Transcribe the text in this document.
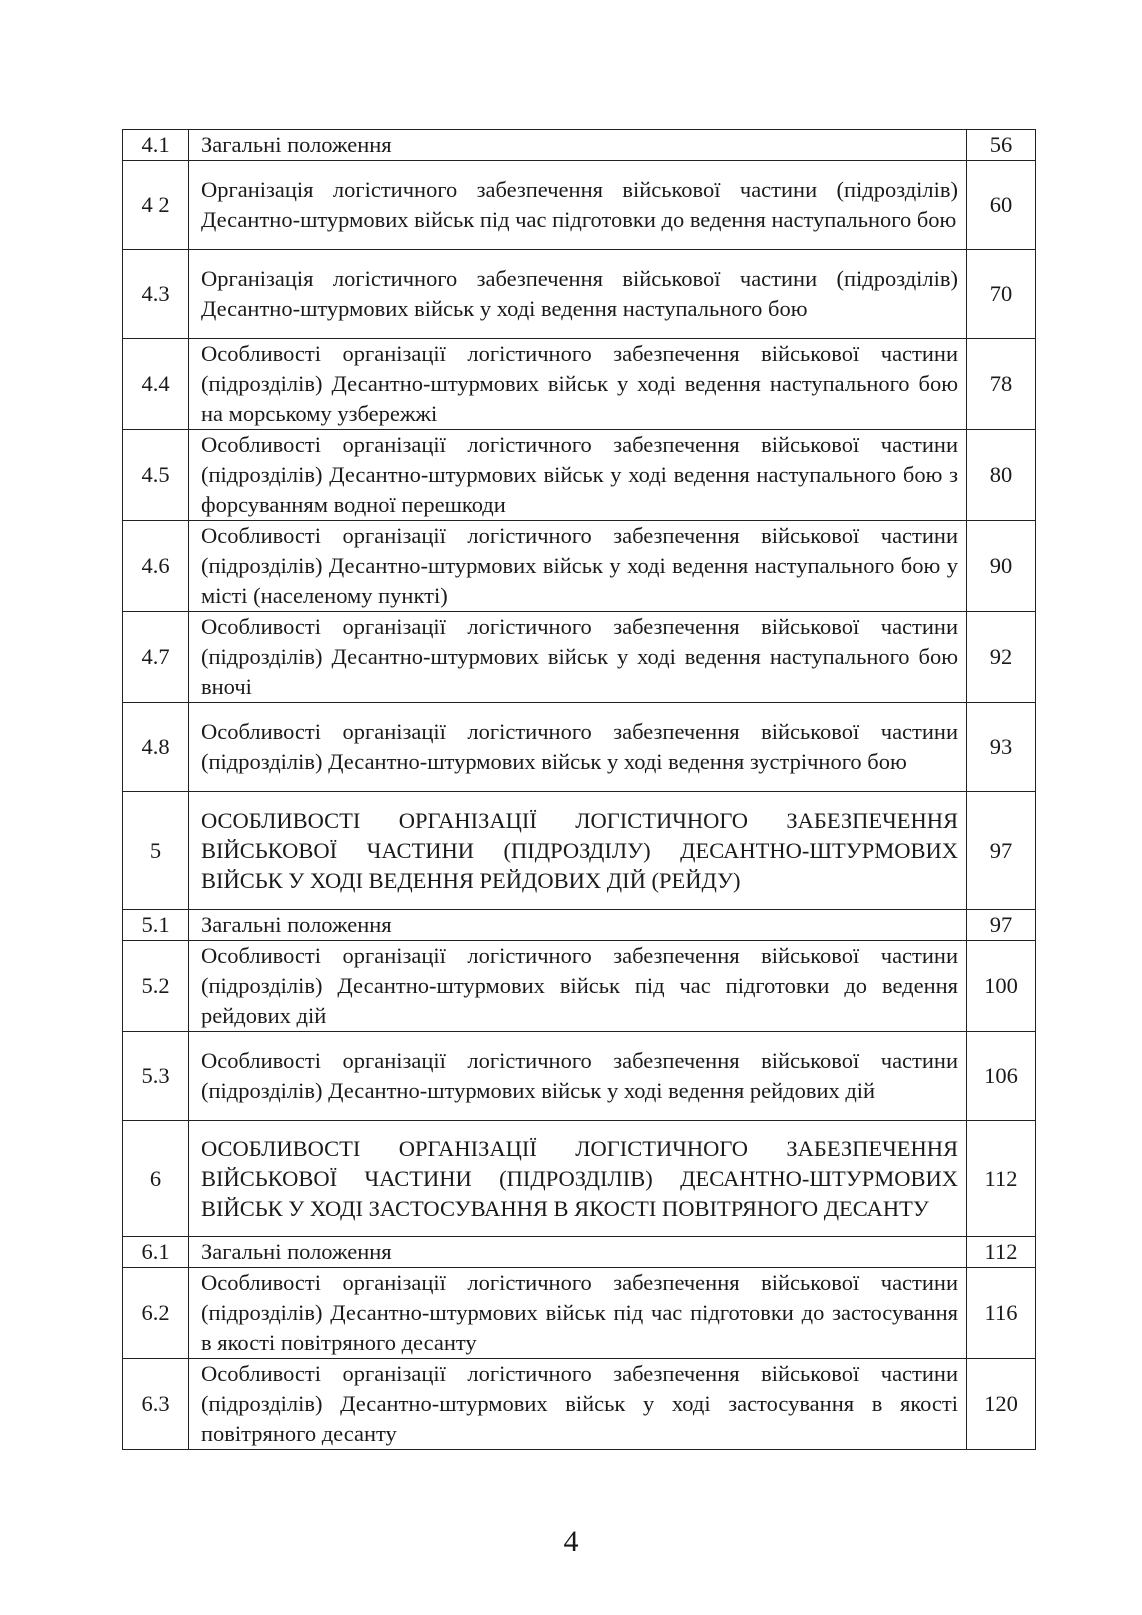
4.1	Загальні положення	56
4 2	Організація логістичного забезпечення військової частини (підрозділів) Десантно-штурмових військ під час підготовки до ведення наступального бою	60
4.3	Організація логістичного забезпечення військової частини (підрозділів) Десантно-штурмових військ у ході ведення наступального бою	70
4.4	Особливості організації логістичного забезпечення військової частини (підрозділів) Десантно-штурмових військ у ході ведення наступального бою на морському узбережжі	78
4.5	Особливості організації логістичного забезпечення військової частини (підрозділів) Десантно-штурмових військ у ході ведення наступального бою з форсуванням водної перешкоди	80
4.6	Особливості організації логістичного забезпечення військової частини (підрозділів) Десантно-штурмових військ у ході ведення наступального бою у місті (населеному пункті)	90
4.7	Особливості організації логістичного забезпечення військової частини (підрозділів) Десантно-штурмових військ у ході ведення наступального бою вночі	92
4.8	Особливості організації логістичного забезпечення військової частини (підрозділів) Десантно-штурмових військ у ході ведення зустрічного бою	93
5	ОСОБЛИВОСТІ ОРГАНІЗАЦІЇ ЛОГІСТИЧНОГО ЗАБЕЗПЕЧЕННЯ ВІЙСЬКОВОЇ ЧАСТИНИ (ПІДРОЗДІЛУ) ДЕСАНТНО-ШТУРМОВИХ ВІЙСЬК У ХОДІ ВЕДЕННЯ РЕЙДОВИХ ДІЙ (РЕЙДУ)	97
5.1	Загальні положення	97
5.2	Особливості організації логістичного забезпечення військової частини (підрозділів) Десантно-штурмових військ під час підготовки до ведення рейдових дій	100
5.3	Особливості організації логістичного забезпечення військової частини (підрозділів) Десантно-штурмових військ у ході ведення рейдових дій	106
6	ОСОБЛИВОСТІ ОРГАНІЗАЦІЇ ЛОГІСТИЧНОГО ЗАБЕЗПЕЧЕННЯ ВІЙСЬКОВОЇ ЧАСТИНИ (ПІДРОЗДІЛІВ) ДЕСАНТНО-ШТУРМОВИХ ВІЙСЬК У ХОДІ ЗАСТОСУВАННЯ В ЯКОСТІ ПОВІТРЯНОГО ДЕСАНТУ	112
6.1	Загальні положення	112
6.2	Особливості організації логістичного забезпечення військової частини (підрозділів) Десантно-штурмових військ під час підготовки до застосування в якості повітряного десанту	116
6.3	Особливості організації логістичного забезпечення військової частини (підрозділів) Десантно-штурмових військ у ході застосування в якості повітряного десанту	120
4
